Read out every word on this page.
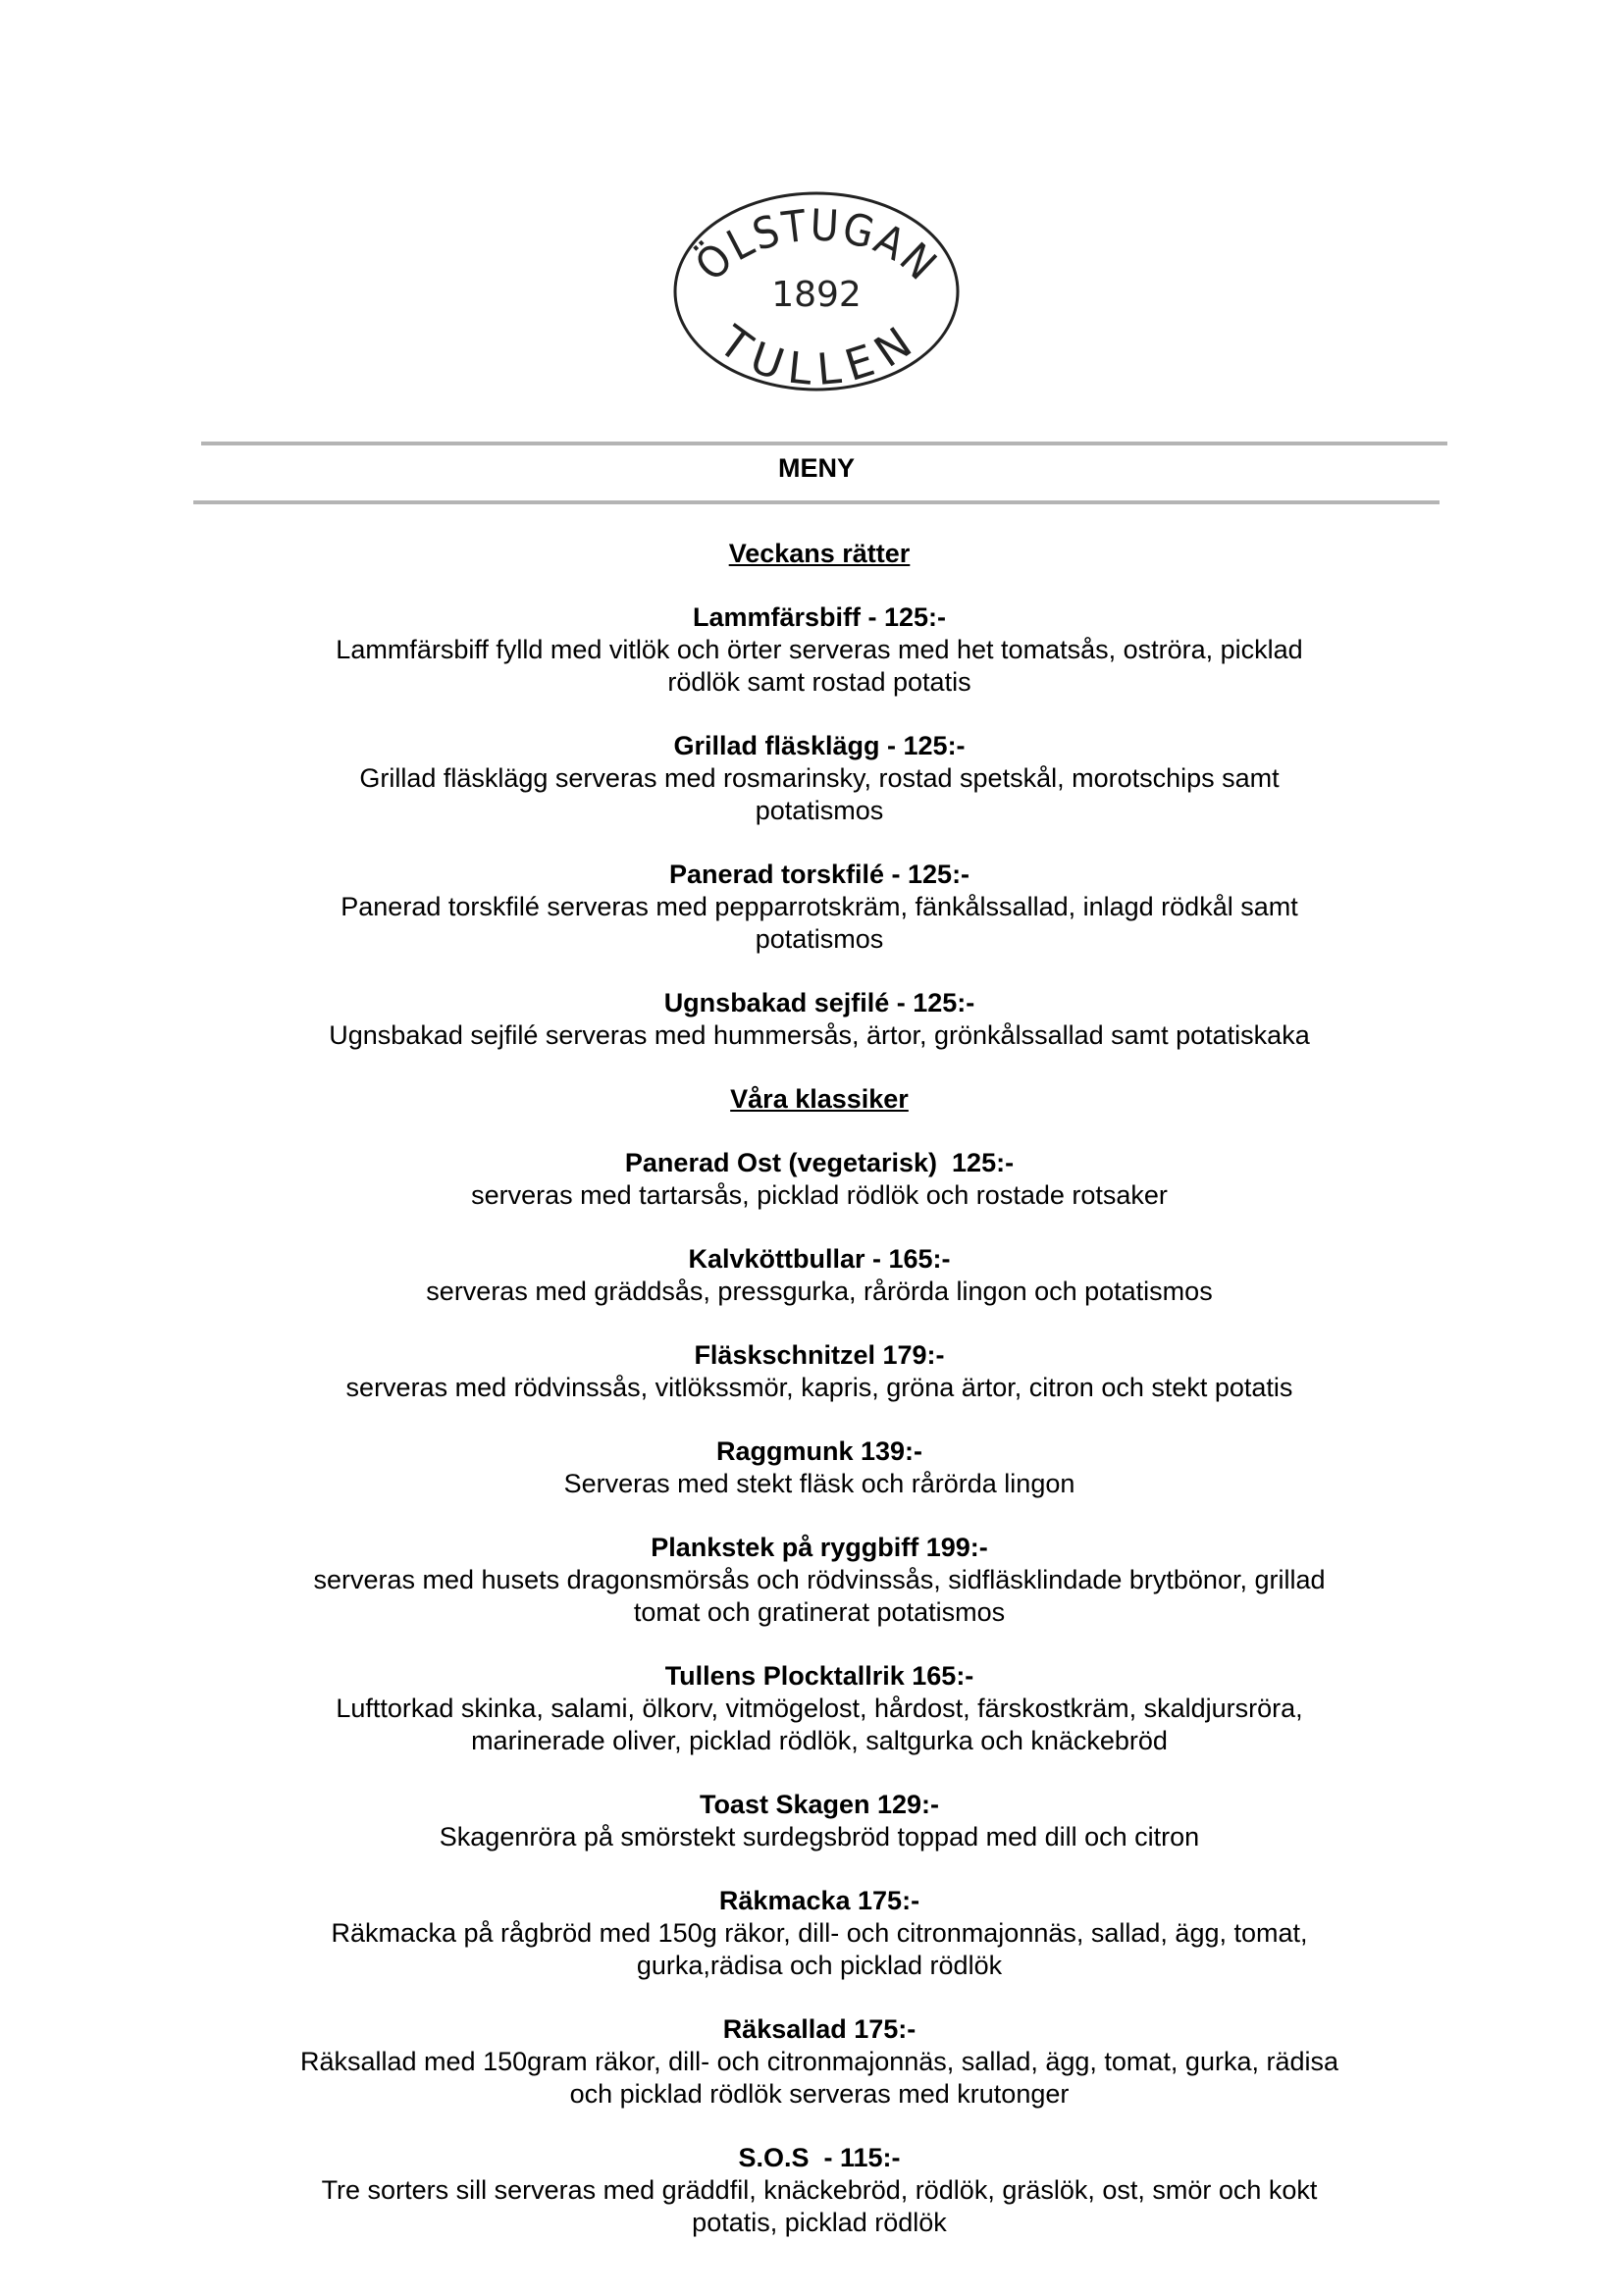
ÖLSTUGAN
1892
TULLEN
MENY
Veckans rätter
Lammfärsbiff - 125:-
Lammfärsbiff fylld med vitlök och örter serveras med het tomatsås, oströra, picklad
rödlök samt rostad potatis
Grillad fläsklägg - 125:-
Grillad fläsklägg serveras med rosmarinsky, rostad spetskål, morotschips samt
potatismos
Panerad torskfilé - 125:-
Panerad torskfilé serveras med pepparrotskräm, fänkålssallad, inlagd rödkål samt
potatismos
Ugnsbakad sejfilé - 125:-
Ugnsbakad sejfilé serveras med hummersås, ärtor, grönkålssallad samt potatiskaka
Våra klassiker
Panerad Ost (vegetarisk)  125:-
serveras med tartarsås, picklad rödlök och rostade rotsaker
Kalvköttbullar - 165:-
serveras med gräddsås, pressgurka, rårörda lingon och potatismos
Fläskschnitzel 179:-
serveras med rödvinssås, vitlökssmör, kapris, gröna ärtor, citron och stekt potatis
Raggmunk 139:-
Serveras med stekt fläsk och rårörda lingon
Plankstek på ryggbiff 199:-
serveras med husets dragonsmörsås och rödvinssås, sidfläsklindade brytbönor, grillad
tomat och gratinerat potatismos
Tullens Plocktallrik 165:-
Lufttorkad skinka, salami, ölkorv, vitmögelost, hårdost, färskostkräm, skaldjursröra,
marinerade oliver, picklad rödlök, saltgurka och knäckebröd
Toast Skagen 129:-
Skagenröra på smörstekt surdegsbröd toppad med dill och citron
Räkmacka 175:-
Räkmacka på rågbröd med 150g räkor, dill- och citronmajonnäs, sallad, ägg, tomat,
gurka,rädisa och picklad rödlök
Räksallad 175:-
Räksallad med 150gram räkor, dill- och citronmajonnäs, sallad, ägg, tomat, gurka, rädisa
och picklad rödlök serveras med krutonger
S.O.S  - 115:-
Tre sorters sill serveras med gräddfil, knäckebröd, rödlök, gräslök, ost, smör och kokt
potatis, picklad rödlök
